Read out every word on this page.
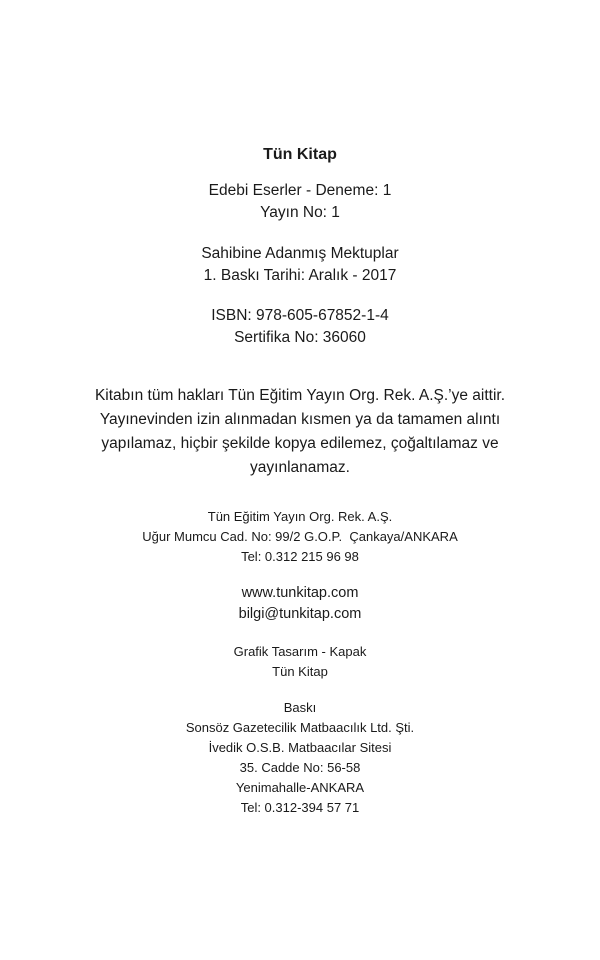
Tün Kitap
Edebi Eserler - Deneme: 1
Yayın No: 1
Sahibine Adanmış Mektuplar
1. Baskı Tarihi: Aralık - 2017
ISBN: 978-605-67852-1-4
Sertifika No: 36060
Kitabın tüm hakları Tün Eğitim Yayın Org. Rek. A.Ş.’ye aittir.
Yayınevinden izin alınmadan kısmen ya da tamamen alıntı
yapılamaz, hiçbir şekilde kopya edilemez, çoğaltılamaz ve
yayınlanamaz.
Tün Eğitim Yayın Org. Rek. A.Ş.
Uğur Mumcu Cad. No: 99/2 G.O.P.  Çankaya/ANKARA
Tel: 0.312 215 96 98
www.tunkitap.com
bilgi@tunkitap.com
Grafik Tasarım - Kapak
Tün Kitap
Baskı
Sonsöz Gazetecilik Matbaacılık Ltd. Şti.
İvedik O.S.B. Matbaacılar Sitesi
35. Cadde No: 56-58
Yenimahalle-ANKARA
Tel: 0.312-394 57 71
